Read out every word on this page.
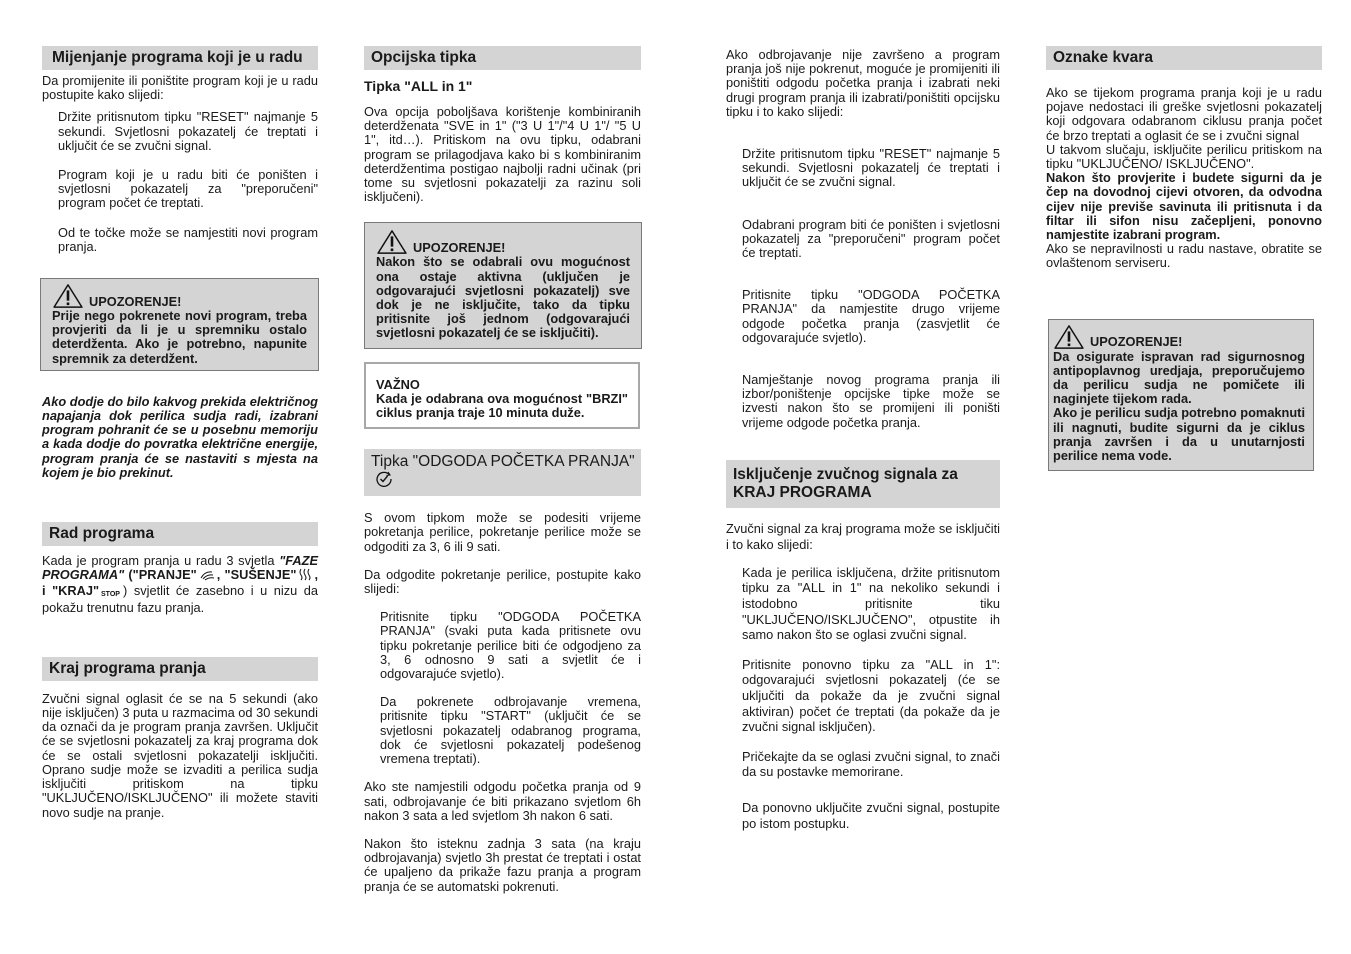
Mijenjanje programa koji je u radu
Da promijenite ili poništite program koji je u radu postupite kako slijedi:
Držite pritisnutom tipku "RESET" najmanje 5 sekundi. Svjetlosni pokazatelj će treptati i uključit će se zvučni signal.
Program koji je u radu biti će poništen i svjetlosni pokazatelj za "preporučeni" program počet će treptati.
Od te točke može se namjestiti novi program pranja.
UPOZORENJE!
Prije nego pokrenete novi program, treba provjeriti da li je u spremniku ostalo deterdženta. Ako je potrebno, napunite spremnik za deterdžent.
Ako dodje do bilo kakvog prekida električnog napajanja dok perilica sudja radi, izabrani program pohranit će se u posebnu memoriju a kada dodje do povratka električne energije, program pranja će se nastaviti s mjesta na kojem je bio prekinut.
Rad programa
Kada je program pranja u radu 3 svjetla "FAZE PROGRAMA" ("PRANJE" , "SUŠENJE" , i "KRAJ" STOP ) svjetlit će zasebno i u nizu da pokažu trenutnu fazu pranja.
Kraj programa pranja
Zvučni signal oglasit će se na 5 sekundi (ako nije isključen) 3 puta u razmacima od 30 sekundi da označi da je program pranja završen. Uključit će se svjetlosni pokazatelj za kraj programa dok će se ostali svjetlosni pokazatelji isključiti. Oprano sudje može se izvaditi a perilica sudja isključiti pritiskom na tipku "UKLJUČENO/ISKLJUČENO" ili možete staviti novo sudje na pranje.
Opcijska tipka
Tipka "ALL in 1"
Ova opcija poboljšava korištenje kombiniranih deterdženata "SVE in 1" ("3 U 1"/"4 U 1"/ "5 U 1", itd…). Pritiskom na ovu tipku, odabrani program se prilagodjava kako bi s kombiniranim deterdžentima postigao najbolji radni učinak (pri tome su svjetlosni pokazatelji za razinu soli isključeni).
UPOZORENJE!
Nakon što se odabrali ovu mogućnost ona ostaje aktivna (uključen je odgovarajući svjetlosni pokazatelj) sve dok je ne isključite, tako da tipku pritisnite još jednom (odgovarajući svjetlosni pokazatelj će se isključiti).
VAŽNO
Kada je odabrana ova mogućnost "BRZI" ciklus pranja traje 10 minuta duže.
Tipka "ODGODA POČETKA PRANJA"
S ovom tipkom može se podesiti vrijeme pokretanja perilice, pokretanje perilice može se odgoditi za 3, 6 ili 9 sati.
Da odgodite pokretanje perilice, postupite kako slijedi:
Pritisnite tipku "ODGODA POČETKA PRANJA" (svaki puta kada pritisnete ovu tipku pokretanje perilice biti će odgodjeno za 3, 6 odnosno 9 sati a svjetlit će i odgovarajuće svjetlo).
Da pokrenete odbrojavanje vremena, pritisnite tipku "START" (uključit će se svjetlosni pokazatelj odabranog programa, dok će svjetlosni pokazatelj podešenog vremena treptati).
Ako ste namjestili odgodu početka pranja od 9 sati, odbrojavanje će biti prikazano svjetlom 6h nakon 3 sata a led svjetlom 3h nakon 6 sati.
Nakon što isteknu zadnja 3 sata (na kraju odbrojavanja) svjetlo 3h prestat će treptati i ostat će upaljeno da prikaže fazu pranja a program pranja će se automatski pokrenuti.
Ako odbrojavanje nije završeno a program pranja još nije pokrenut, moguće je promijeniti ili poništiti odgodu početka pranja i izabrati neki drugi program pranja ili izabrati/poništiti opcijsku tipku i to kako slijedi:
Držite pritisnutom tipku "RESET" najmanje 5 sekundi. Svjetlosni pokazatelj će treptati i uključit će se zvučni signal.
Odabrani program biti će poništen i svjetlosni pokazatelj za "preporučeni" program počet će treptati.
Pritisnite tipku "ODGODA POČETKA PRANJA" da namjestite drugo vrijeme odgode početka pranja (zasvjetlit će odgovarajuće svjetlo).
Namještanje novog programa pranja ili izbor/poništenje opcijske tipke može se izvesti nakon što se promijeni ili poništi vrijeme odgode početka pranja.
Isključenje zvučnog signala za KRAJ PROGRAMA
Zvučni signal za kraj programa može se isključiti i to kako slijedi:
Kada je perilica isključena, držite pritisnutom tipku za "ALL in 1" na nekoliko sekundi i istodobno pritisnite tiku "UKLJUČENO/ISKLJUČENO", otpustite ih samo nakon što se oglasi zvučni signal.
Pritisnite ponovno tipku za "ALL in 1": odgovarajući svjetlosni pokazatelj (će se uključiti da pokaže da je zvučni signal aktiviran) počet će treptati (da pokaže da je zvučni signal isključen).
Pričekajte da se oglasi zvučni signal, to znači da su postavke memorirane.
Da ponovno uključite zvučni signal, postupite po istom postupku.
Oznake kvara
Ako se tijekom programa pranja koji je u radu pojave nedostaci ili greške svjetlosni pokazatelj koji odgovara odabranom ciklusu pranja počet će brzo treptati a oglasit će se i zvučni signal
U takvom slučaju, isključite perilicu pritiskom na tipku "UKLJUČENO/ ISKLJUČENO".
Nakon što provjerite i budete sigurni da je čep na dovodnoj cijevi otvoren, da odvodna cijev nije previše savinuta ili pritisnuta i da filtar ili sifon nisu začepljeni, ponovno namjestite izabrani program.
Ako se nepravilnosti u radu nastave, obratite se ovlaštenom serviseru.
UPOZORENJE!
Da osigurate ispravan rad sigurnosnog antipoplavnog uredjaja, preporučujemo da perilicu sudja ne pomičete ili naginjete tijekom rada.
Ako je perilicu sudja potrebno pomaknuti ili nagnuti, budite sigurni da je ciklus pranja završen i da u unutarnjosti perilice nema vode.
